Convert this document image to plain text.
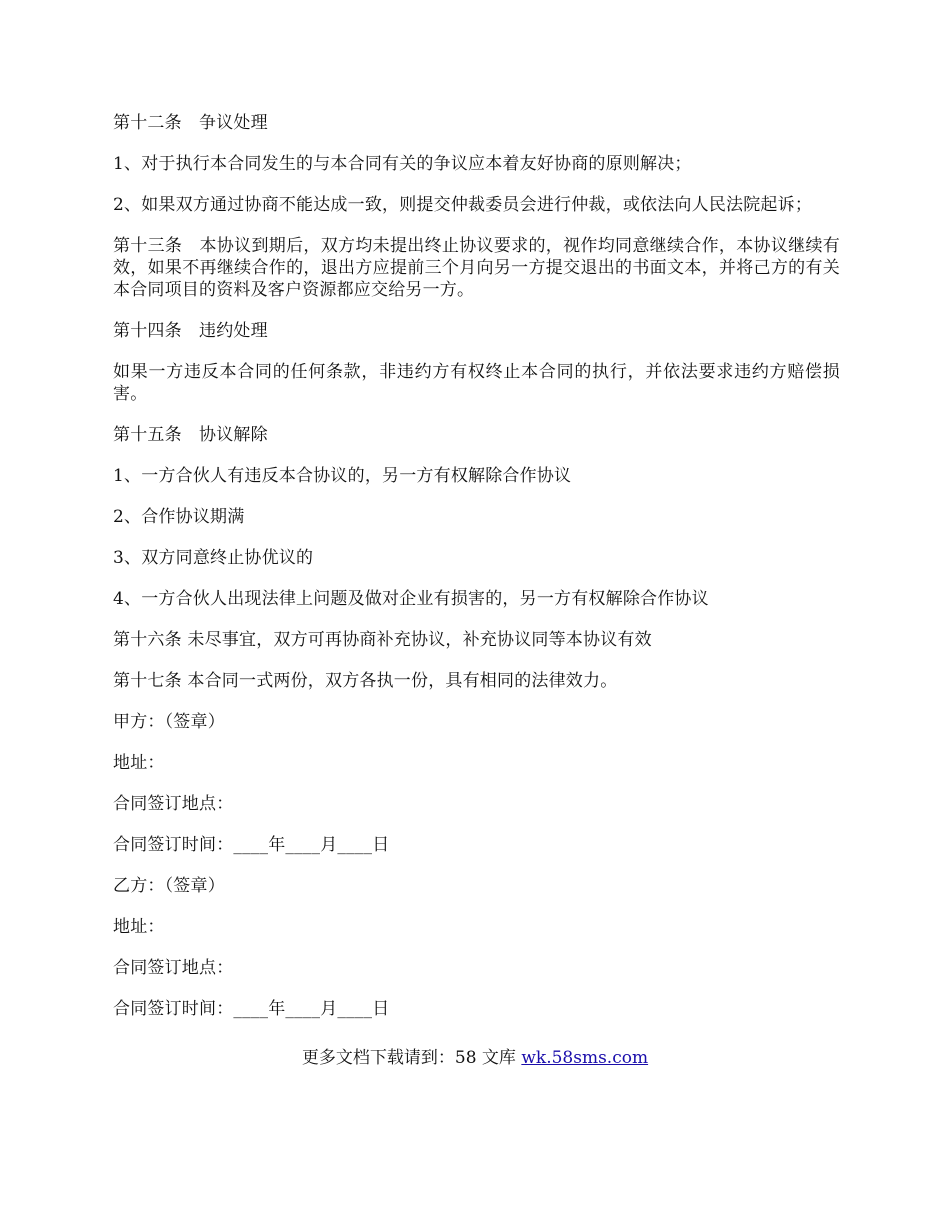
第十二条　争议处理

1、对于执行本合同发生的与本合同有关的争议应本着友好协商的原则解决；

2、如果双方通过协商不能达成一致，则提交仲裁委员会进行仲裁，或依法向人民法院起诉；

第十三条　本协议到期后，双方均未提出终止协议要求的，视作均同意继续合作，本协议继续有效，如果不再继续合作的，退出方应提前三个月向另一方提交退出的书面文本，并将己方的有关本合同项目的资料及客户资源都应交给另一方。

第十四条　违约处理

如果一方违反本合同的任何条款，非违约方有权终止本合同的执行，并依法要求违约方赔偿损害。

第十五条　协议解除

1、一方合伙人有违反本合协议的，另一方有权解除合作协议

2、合作协议期满

3、双方同意终止协优议的

4、一方合伙人出现法律上问题及做对企业有损害的，另一方有权解除合作协议

第十六条 未尽事宜，双方可再协商补充协议，补充协议同等本协议有效

第十七条 本合同一式两份，双方各执一份，具有相同的法律效力。

甲方：（签章）

地址：

合同签订地点：

合同签订时间：____年____月____日

乙方：（签章）

地址：

合同签订地点：

合同签订时间：____年____月____日

更多文档下载请到：58 文库 wk.58sms.com
